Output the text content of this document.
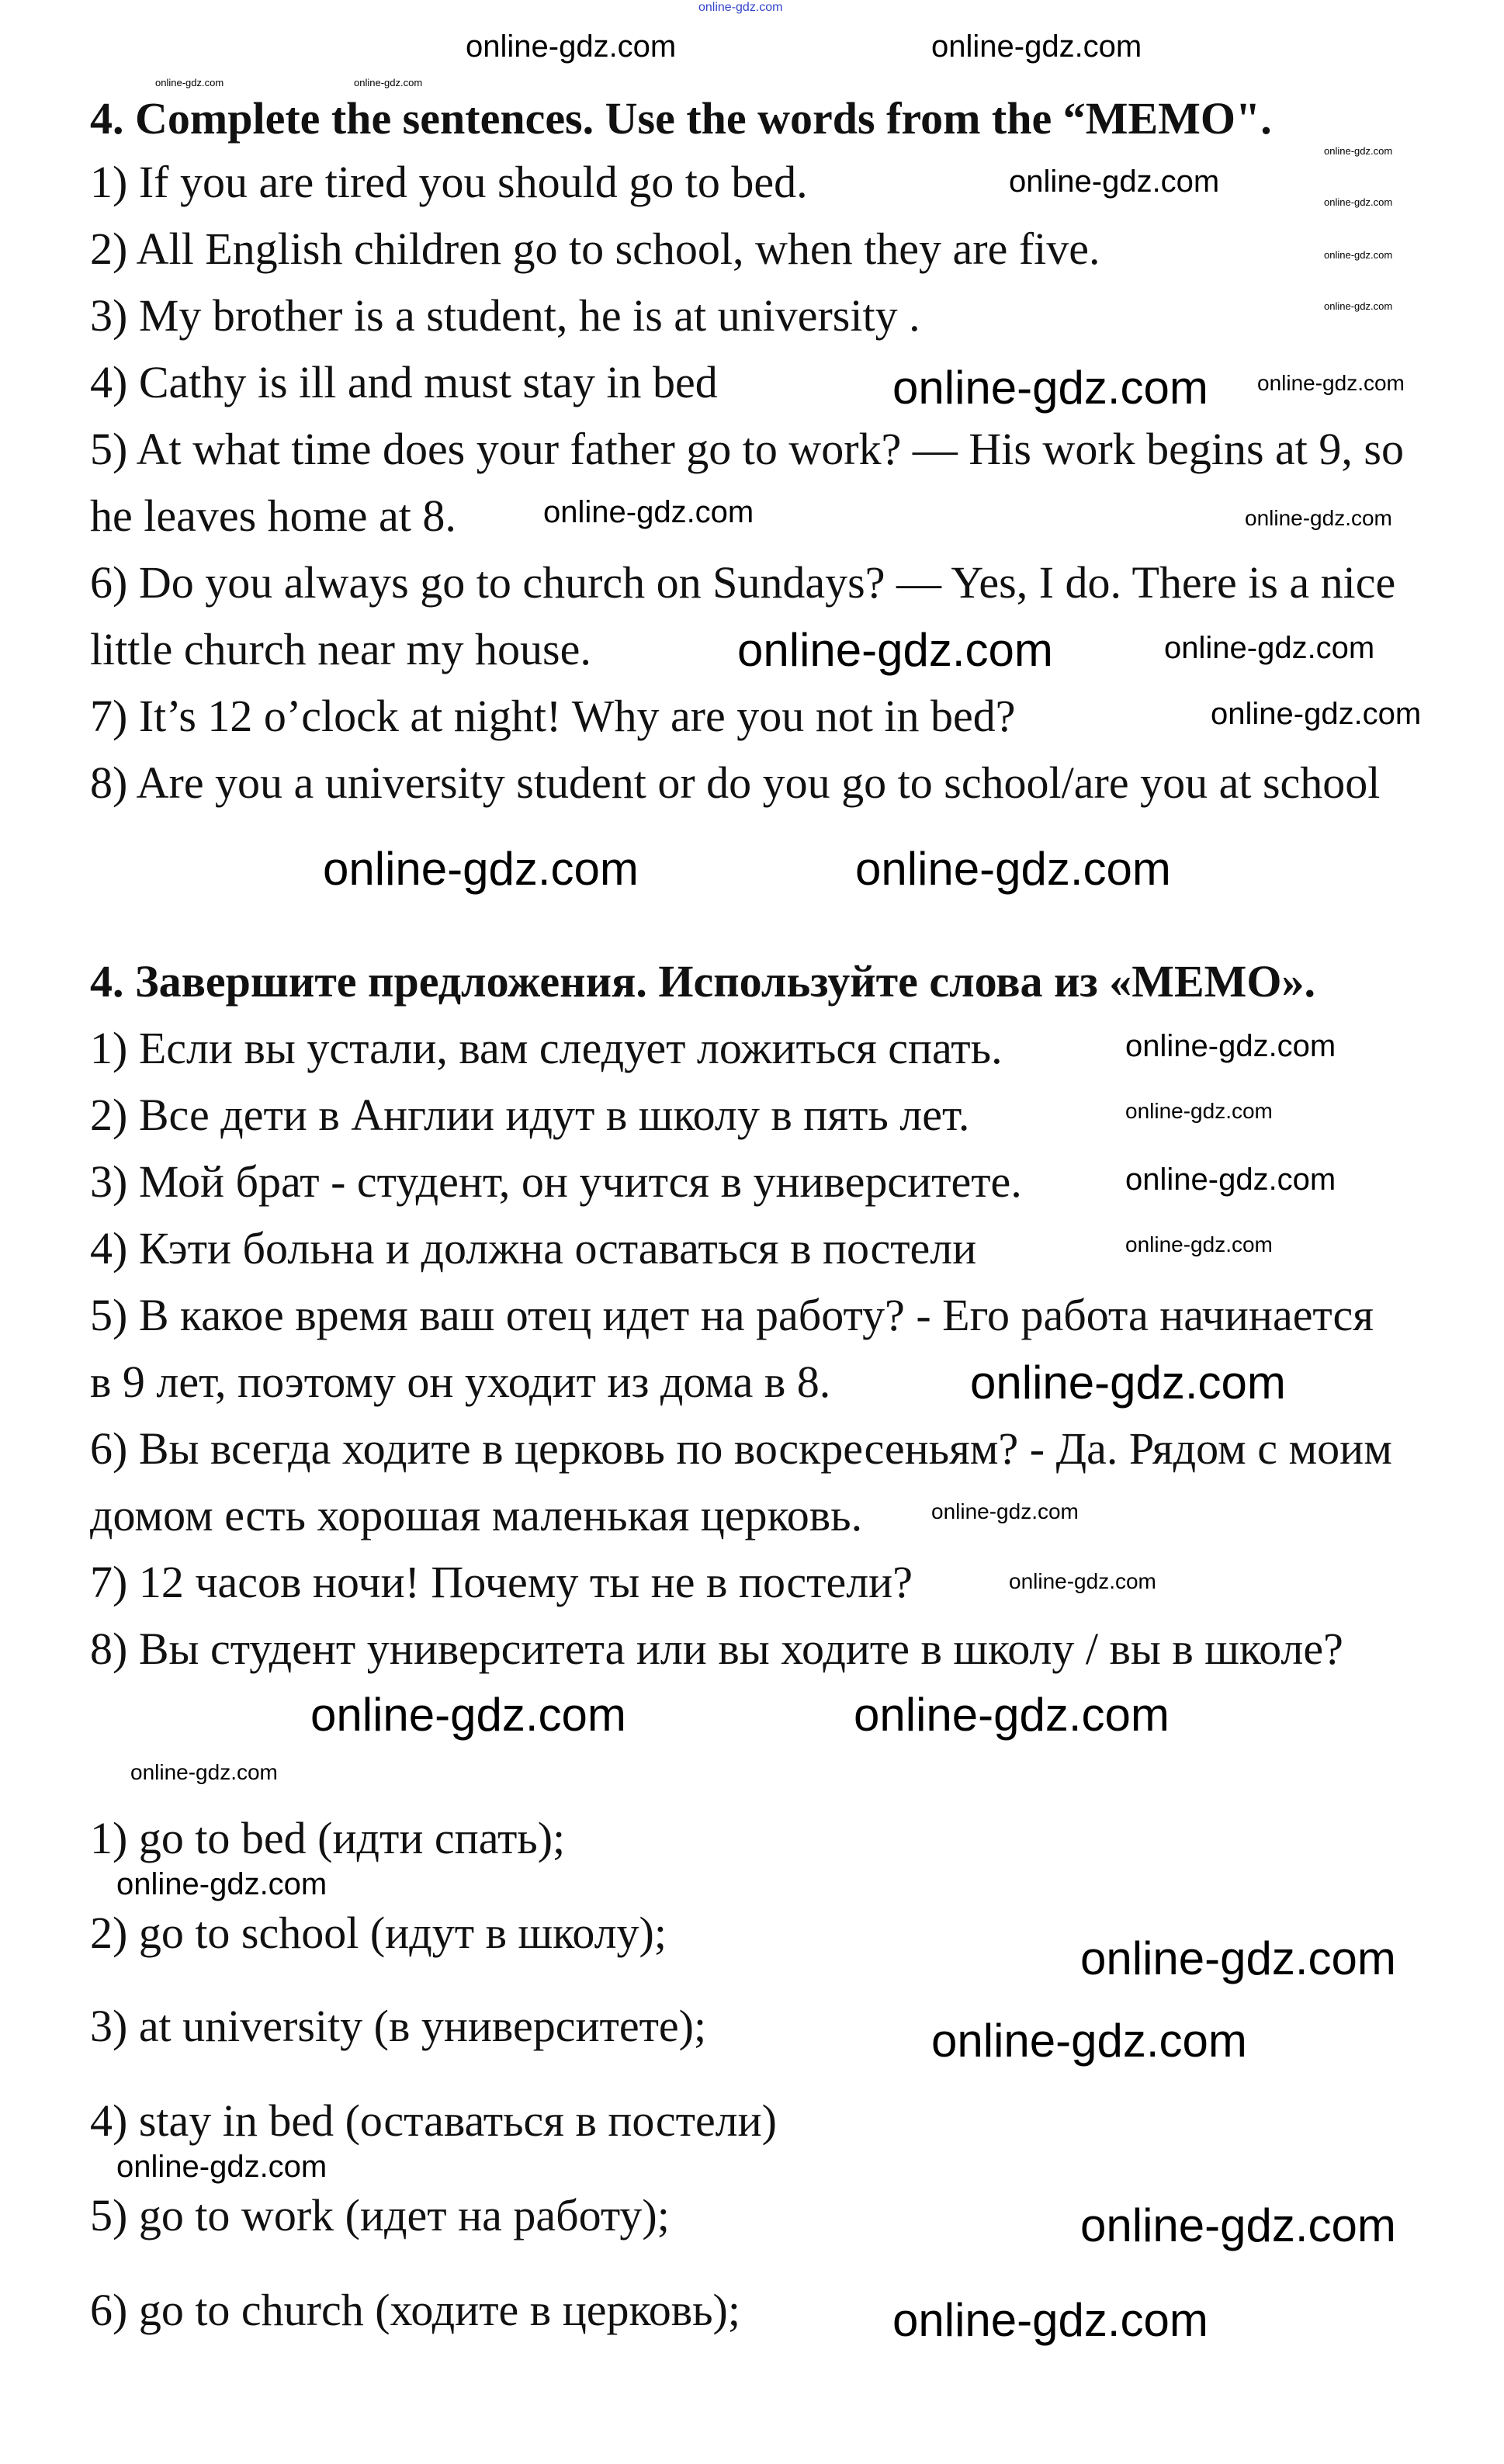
4. Complete the sentences. Use the words from the “MEMO".
1) If you are tired you should go to bed.
2) All English children go to school, when they are five.
3) My brother is a student, he is at university .
4) Cathy is ill and must stay in bed
5) At what time does your father go to work? — His work begins at 9, so
he leaves home at 8.
6) Do you always go to church on Sundays? — Yes, I do. There is a nice
little church near my house.
7) It’s 12 o’clock at night! Why are you not in bed?
8) Are you a university student or do you go to school/are you at school
4. Завершите предложения. Используйте слова из «МЕМО».
1) Если вы устали, вам следует ложиться спать.
2) Все дети в Англии идут в школу в пять лет.
3) Мой брат - студент, он учится в университете.
4) Кэти больна и должна оставаться в постели
5) В какое время ваш отец идет на работу? - Его работа начинается
в 9 лет, поэтому он уходит из дома в 8.
6) Вы всегда ходите в церковь по воскресеньям? - Да. Рядом с моим
домом есть хорошая маленькая церковь.
7) 12 часов ночи! Почему ты не в постели?
8) Вы студент университета или вы ходите в школу / вы в школе?
1) go to bed (идти спать);
2) go to school (идут в школу);
3) at university (в университете);
4) stay in bed (оставаться в постели)
5) go to work (идет на работу);
6) go to church (ходите в церковь);
online-gdz.com
online-gdz.com	online-gdz.com
online-gdz.com
online-gdz.com
online-gdz.com
online-gdz.com
online-gdz.com
online-gdz.com
online-gdz.com
online-gdz.com online-gdz.com
online-gdz.com	online-gdz.com
online-gdz.com
online-gdz.com	online-gdz.com
online-gdz.com	online-gdz.com
online-gdz.com
online-gdz.com
online-gdz.com
online-gdz.com
online-gdz.com
online-gdz.com
online-gdz.com
online-gdz.com	online-gdz.com
online-gdz.com
online-gdz.com
online-gdz.com
online-gdz.com
online-gdz.com
online-gdz.com
online-gdz.com
